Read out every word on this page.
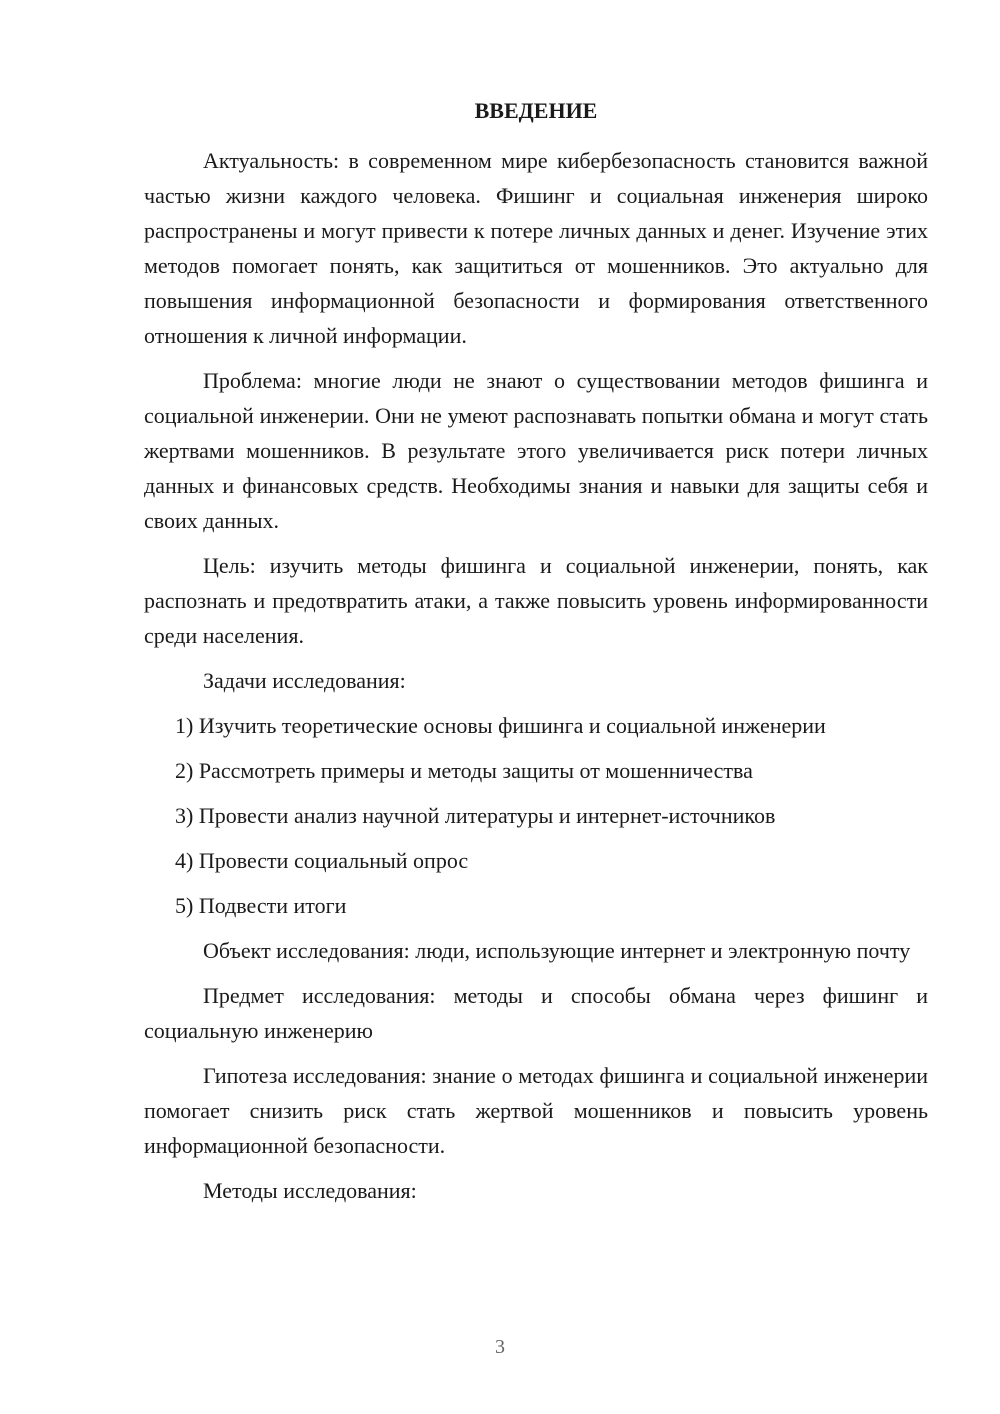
ВВЕДЕНИЕ

Актуальность: в современном мире кибербезопасность становится важной частью жизни каждого человека. Фишинг и социальная инженерия широко распространены и могут привести к потере личных данных и денег. Изучение этих методов помогает понять, как защититься от мошенников. Это актуально для повышения информационной безопасности и формирования ответственного отношения к личной информации.

Проблема: многие люди не знают о существовании методов фишинга и социальной инженерии. Они не умеют распознавать попытки обмана и могут стать жертвами мошенников. В результате этого увеличивается риск потери личных данных и финансовых средств. Необходимы знания и навыки для защиты себя и своих данных.

Цель: изучить методы фишинга и социальной инженерии, понять, как распознать и предотвратить атаки, а также повысить уровень информированности среди населения.

Задачи исследования:

1) Изучить теоретические основы фишинга и социальной инженерии

2) Рассмотреть примеры и методы защиты от мошенничества

3) Провести анализ научной литературы и интернет-источников

4) Провести социальный опрос

5) Подвести итоги

Объект исследования: люди, использующие интернет и электронную почту

Предмет исследования: методы и способы обмана через фишинг и социальную инженерию

Гипотеза исследования: знание о методах фишинга и социальной инженерии помогает снизить риск стать жертвой мошенников и повысить уровень информационной безопасности.

Методы исследования:

3
